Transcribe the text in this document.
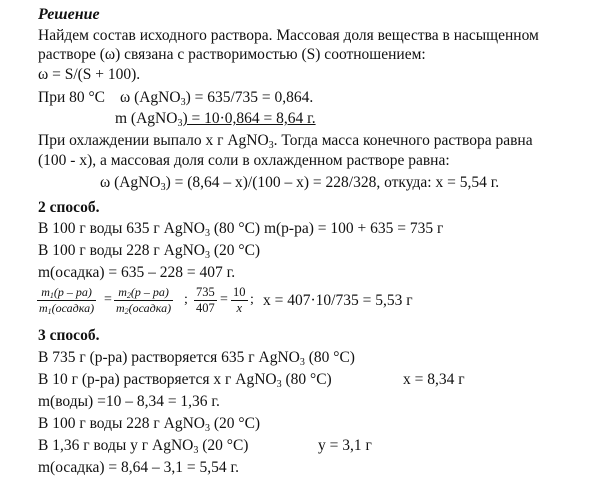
Решение
Найдем состав исходного раствора. Массовая доля вещества в насыщенном
растворе (ω) связана с растворимостью (S) соотношением:
ω = S/(S + 100).
При 80 °C ω (AgNO$_3$) = 635/735 = 0,864.
m (AgNO$_3$) = 10·0,864 = 8,64 г.
При охлаждении выпало x г AgNO$_3$. Тогда масса конечного раствора равна
(100 - x), а массовая доля соли в охлажденном растворе равна:
ω (AgNO$_3$) = (8,64 – x)/(100 – x) = 228/328, откуда: x = 5,54 г.
2 способ.
В 100 г воды 635 г AgNO$_3$ (80 °C) m(р-ра) = 100 + 635 = 735 г
В 100 г воды 228 г AgNO$_3$ (20 °C)
m(осадка) = 635 – 228 = 407 г.
$m_1(р - ра)$
$m_1(осадка)$
= $m_2(р - ра)$
$m_2(осадка)$
; 735
407
= 10
x
; x = 407·10/735 = 5,53 г
3 способ.
В 735 г (р-ра) растворяется 635 г AgNO$_3$ (80 °C)
В 10 г (р-ра) растворяется x г AgNO$_3$ (80 °C)	x = 8,34 г
m(воды) =10 – 8,34 = 1,36 г.
В 100 г воды 228 г AgNO$_3$ (20 °C)
В 1,36 г воды y г AgNO$_3$ (20 °C)	y = 3,1 г
m(осадка) = 8,64 – 3,1 = 5,54 г.
